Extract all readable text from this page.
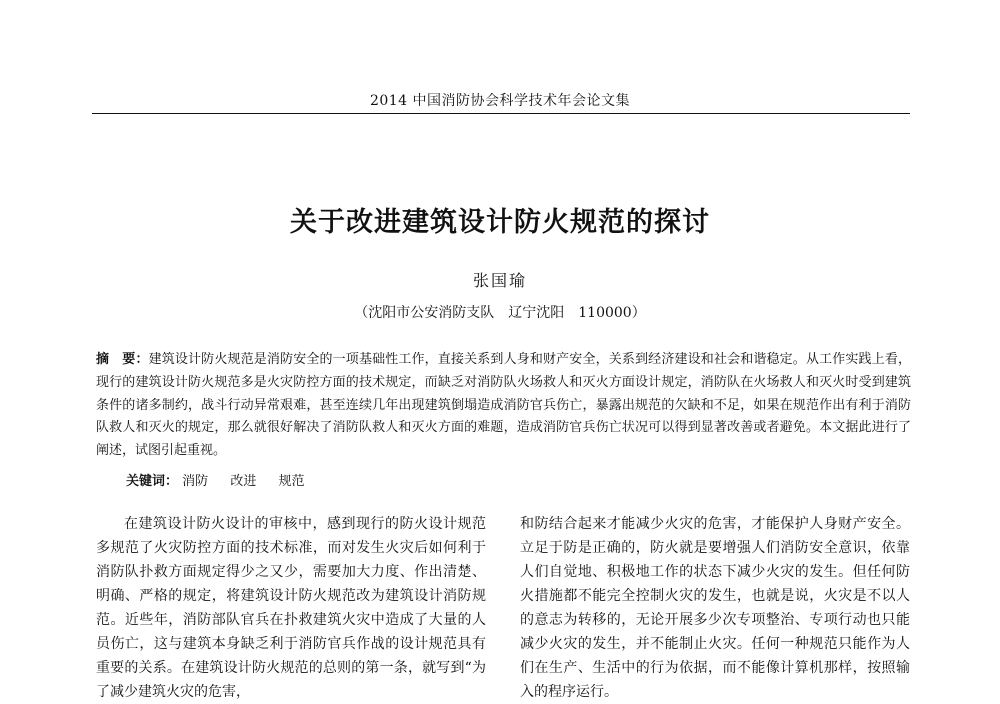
2014 中国消防协会科学技术年会论文集
关于改进建筑设计防火规范的探讨
张国瑜
（沈阳市公安消防支队　辽宁沈阳　110000）
摘　要：建筑设计防火规范是消防安全的一项基础性工作，直接关系到人身和财产安全，关系到经济建设和社会和谐稳定。从工作实践上看，现行的建筑设计防火规范多是火灾防控方面的技术规定，而缺乏对消防队火场救人和灭火方面设计规定，消防队在火场救人和灭火时受到建筑条件的诸多制约，战斗行动异常艰难，甚至连续几年出现建筑倒塌造成消防官兵伤亡，暴露出规范的欠缺和不足，如果在规范作出有利于消防队救人和灭火的规定，那么就很好解决了消防队救人和灭火方面的难题，造成消防官兵伤亡状况可以得到显著改善或者避免。本文据此进行了阐述，试图引起重视。
关键词： 消防 改进 规范

在建筑设计防火设计的审核中，感到现行的防火设计规范多规范了火灾防控方面的技术标准，而对发生火灾后如何利于消防队扑救方面规定得少之又少，需要加大力度、作出清楚、明确、严格的规定，将建筑设计防火规范改为建筑设计消防规范。近些年，消防部队官兵在扑救建筑火灾中造成了大量的人员伤亡，这与建筑本身缺乏利于消防官兵作战的设计规范具有重要的关系。在建筑设计防火规范的总则的第一条，就写到“为了减少建筑火灾的危害，

和防结合起来才能减少火灾的危害，才能保护人身财产安全。立足于防是正确的，防火就是要增强人们消防安全意识，依靠人们自觉地、积极地工作的状态下减少火灾的发生。但任何防火措施都不能完全控制火灾的发生，也就是说，火灾是不以人的意志为转移的，无论开展多少次专项整治、专项行动也只能减少火灾的发生，并不能制止火灾。任何一种规范只能作为人们在生产、生活中的行为依据，而不能像计算机那样，按照输入的程序运行。
